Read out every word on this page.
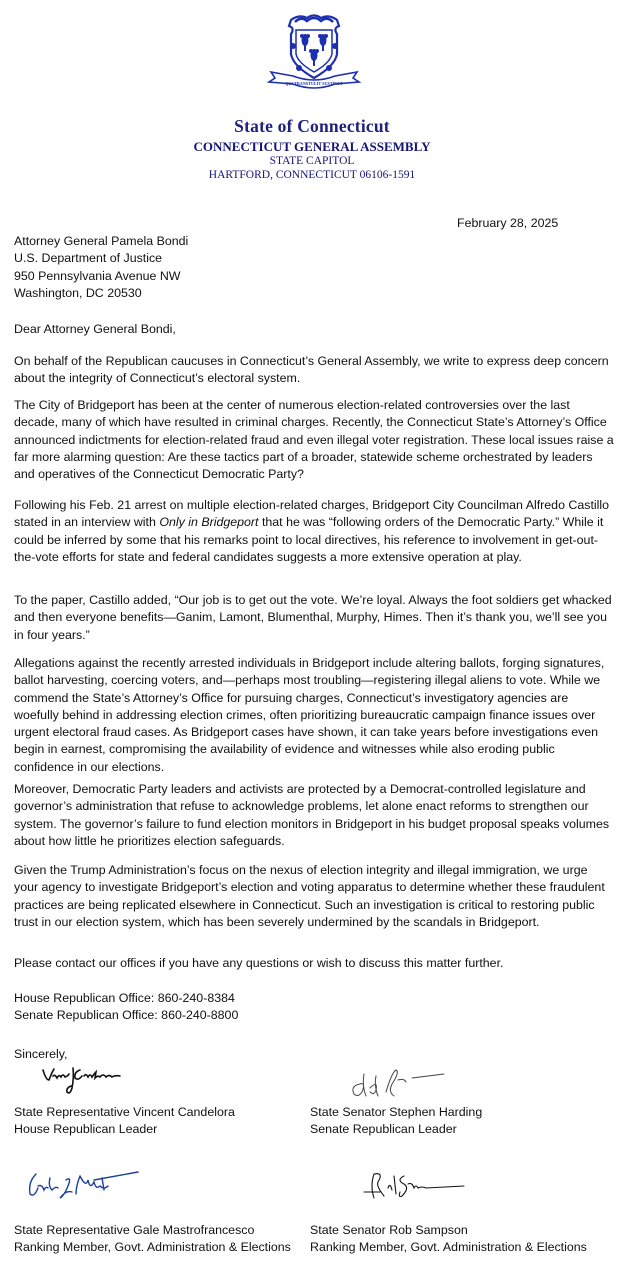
QUI TRANSTULIT SUSTINET
State of Connecticut
CONNECTICUT GENERAL ASSEMBLY
STATE CAPITOL
HARTFORD, CONNECTICUT 06106-1591
February 28, 2025
Attorney General Pamela Bondi
U.S. Department of Justice
950 Pennsylvania Avenue NW
Washington, DC 20530
Dear Attorney General Bondi,
On behalf of the Republican caucuses in Connecticut’s General Assembly, we write to express deep concern about the integrity of Connecticut’s electoral system.
The City of Bridgeport has been at the center of numerous election-related controversies over the last decade, many of which have resulted in criminal charges. Recently, the Connecticut State’s Attorney’s Office announced indictments for election-related fraud and even illegal voter registration. These local issues raise a far more alarming question: Are these tactics part of a broader, statewide scheme orchestrated by leaders and operatives of the Connecticut Democratic Party?
Following his Feb. 21 arrest on multiple election-related charges, Bridgeport City Councilman Alfredo Castillo stated in an interview with Only in Bridgeport that he was “following orders of the Democratic Party.” While it could be inferred by some that his remarks point to local directives, his reference to involvement in get-out-the-vote efforts for state and federal candidates suggests a more extensive operation at play.
To the paper, Castillo added, “Our job is to get out the vote. We’re loyal. Always the foot soldiers get whacked and then everyone benefits—Ganim, Lamont, Blumenthal, Murphy, Himes. Then it’s thank you, we’ll see you in four years.”
Allegations against the recently arrested individuals in Bridgeport include altering ballots, forging signatures, ballot harvesting, coercing voters, and—perhaps most troubling—registering illegal aliens to vote. While we commend the State’s Attorney’s Office for pursuing charges, Connecticut’s investigatory agencies are woefully behind in addressing election crimes, often prioritizing bureaucratic campaign finance issues over urgent electoral fraud cases. As Bridgeport cases have shown, it can take years before investigations even begin in earnest, compromising the availability of evidence and witnesses while also eroding public confidence in our elections.
Moreover, Democratic Party leaders and activists are protected by a Democrat-controlled legislature and governor’s administration that refuse to acknowledge problems, let alone enact reforms to strengthen our system. The governor’s failure to fund election monitors in Bridgeport in his budget proposal speaks volumes about how little he prioritizes election safeguards.
Given the Trump Administration’s focus on the nexus of election integrity and illegal immigration, we urge your agency to investigate Bridgeport’s election and voting apparatus to determine whether these fraudulent practices are being replicated elsewhere in Connecticut. Such an investigation is critical to restoring public trust in our election system, which has been severely undermined by the scandals in Bridgeport.
Please contact our offices if you have any questions or wish to discuss this matter further.
House Republican Office: 860-240-8384
Senate Republican Office: 860-240-8800
Sincerely,
State Representative Vincent Candelora
House Republican Leader
State Senator Stephen Harding
Senate Republican Leader
State Representative Gale Mastrofrancesco
Ranking Member, Govt. Administration & Elections
State Senator Rob Sampson
Ranking Member, Govt. Administration & Elections
